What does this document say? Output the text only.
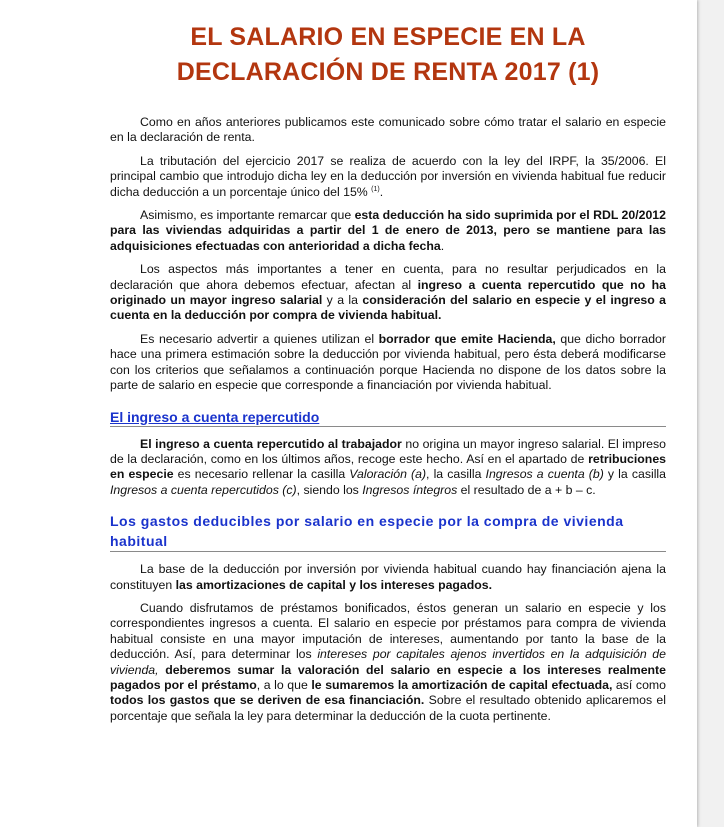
EL SALARIO EN ESPECIE EN LA
DECLARACIÓN DE RENTA 2017 (1)

Como en años anteriores publicamos este comunicado sobre cómo tratar el salario en especie en la declaración de renta.

La tributación del ejercicio 2017 se realiza de acuerdo con la ley del IRPF, la 35/2006. El principal cambio que introdujo dicha ley en la deducción por inversión en vivienda habitual fue reducir dicha deducción a un porcentaje único del 15% $^{(1)}$.

Asimismo, es importante remarcar que esta deducción ha sido suprimida por el RDL 20/2012 para las viviendas adquiridas a partir del 1 de enero de 2013, pero se mantiene para las adquisiciones efectuadas con anterioridad a dicha fecha.

Los aspectos más importantes a tener en cuenta, para no resultar perjudicados en la declaración que ahora debemos efectuar, afectan al ingreso a cuenta repercutido que no ha originado un mayor ingreso salarial y a la consideración del salario en especie y el ingreso a cuenta en la deducción por compra de vivienda habitual.

Es necesario advertir a quienes utilizan el borrador que emite Hacienda, que dicho borrador hace una primera estimación sobre la deducción por vivienda habitual, pero ésta deberá modificarse con los criterios que señalamos a continuación porque Hacienda no dispone de los datos sobre la parte de salario en especie que corresponde a financiación por vivienda habitual.

El ingreso a cuenta repercutido

El ingreso a cuenta repercutido al trabajador no origina un mayor ingreso salarial. El impreso de la declaración, como en los últimos años, recoge este hecho. Así en el apartado de retribuciones en especie es necesario rellenar la casilla Valoración (a), la casilla Ingresos a cuenta (b) y la casilla Ingresos a cuenta repercutidos (c), siendo los Ingresos íntegros el resultado de a + b – c.

Los gastos deducibles por salario en especie por la compra de vivienda habitual

La base de la deducción por inversión por vivienda habitual cuando hay financiación ajena la constituyen las amortizaciones de capital y los intereses pagados.

Cuando disfrutamos de préstamos bonificados, éstos generan un salario en especie y los correspondientes ingresos a cuenta. El salario en especie por préstamos para compra de vivienda habitual consiste en una mayor imputación de intereses, aumentando por tanto la base de la deducción. Así, para determinar los intereses por capitales ajenos invertidos en la adquisición de vivienda, deberemos sumar la valoración del salario en especie a los intereses realmente pagados por el préstamo, a lo que le sumaremos la amortización de capital efectuada, así como todos los gastos que se deriven de esa financiación. Sobre el resultado obtenido aplicaremos el porcentaje que señala la ley para determinar la deducción de la cuota pertinente.
